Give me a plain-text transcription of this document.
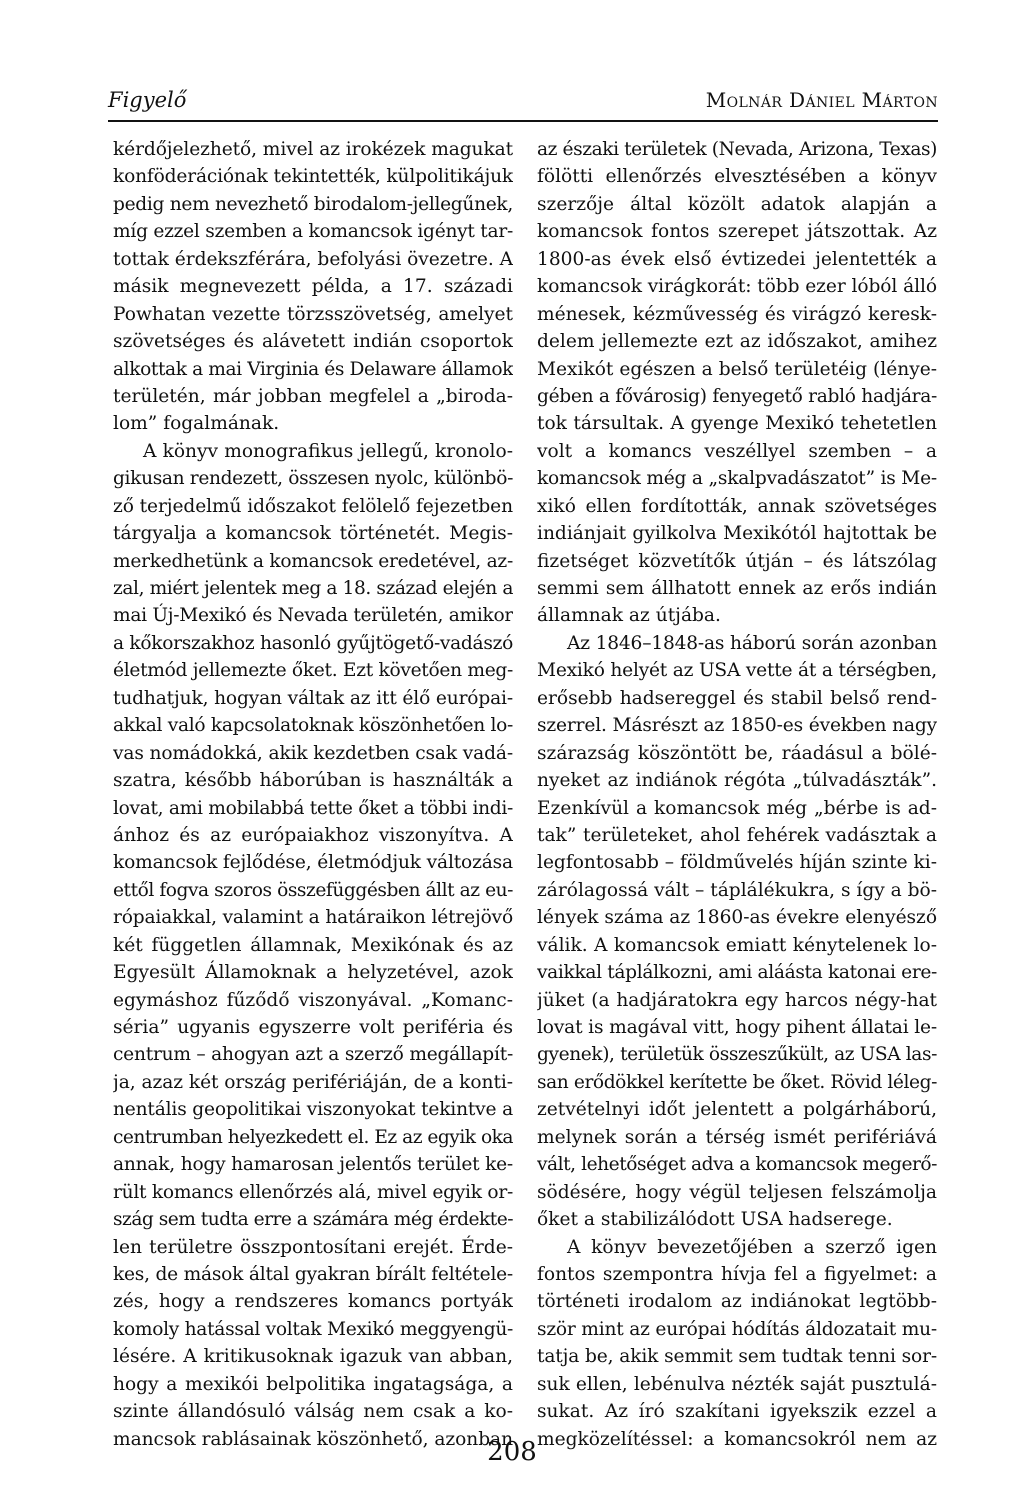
Figyelő	Molnár Dániel Márton
kérdőjelezhető, mivel az irokézek magukat
konföderációnak tekintették, külpolitikájuk
pedig nem nevezhető birodalom-jellegűnek,
míg ezzel szemben a komancsok igényt tar-
tottak érdekszférára, befolyási övezetre. A
másik megnevezett példa, a 17. századi
Powhatan vezette törzsszövetség, amelyet
szövetséges és alávetett indián csoportok
alkottak a mai Virginia és Delaware államok
területén, már jobban megfelel a „biroda-
lom” fogalmának.
A könyv monografikus jellegű, kronolo-
gikusan rendezett, összesen nyolc, különbö-
ző terjedelmű időszakot felölelő fejezetben
tárgyalja a komancsok történetét. Megis-
merkedhetünk a komancsok eredetével, az-
zal, miért jelentek meg a 18. század elején a
mai Új-Mexikó és Nevada területén, amikor
a kőkorszakhoz hasonló gyűjtögető-vadászó
életmód jellemezte őket. Ezt követően meg-
tudhatjuk, hogyan váltak az itt élő európai-
akkal való kapcsolatoknak köszönhetően lo-
vas nomádokká, akik kezdetben csak vadá-
szatra, később háborúban is használták a
lovat, ami mobilabbá tette őket a többi indi-
ánhoz és az európaiakhoz viszonyítva. A
komancsok fejlődése, életmódjuk változása
ettől fogva szoros összefüggésben állt az eu-
rópaiakkal, valamint a határaikon létrejövő
két független államnak, Mexikónak és az
Egyesült Államoknak a helyzetével, azok
egymáshoz fűződő viszonyával. „Komanc-
séria” ugyanis egyszerre volt periféria és
centrum – ahogyan azt a szerző megállapít-
ja, azaz két ország perifériáján, de a konti-
nentális geopolitikai viszonyokat tekintve a
centrumban helyezkedett el. Ez az egyik oka
annak, hogy hamarosan jelentős terület ke-
rült komancs ellenőrzés alá, mivel egyik or-
szág sem tudta erre a számára még érdekte-
len területre összpontosítani erejét. Érde-
kes, de mások által gyakran bírált feltétele-
zés, hogy a rendszeres komancs portyák
komoly hatással voltak Mexikó meggyengü-
lésére. A kritikusoknak igazuk van abban,
hogy a mexikói belpolitika ingatagsága, a
szinte állandósuló válság nem csak a ko-
mancsok rablásainak köszönhető, azonban
az északi területek (Nevada, Arizona, Texas)
fölötti ellenőrzés elvesztésében a könyv
szerzője által közölt adatok alapján a
komancsok fontos szerepet játszottak. Az
1800-as évek első évtizedei jelentették a
komancsok virágkorát: több ezer lóból álló
ménesek, kézművesség és virágzó keresk-
delem jellemezte ezt az időszakot, amihez
Mexikót egészen a belső területéig (lénye-
gében a fővárosig) fenyegető rabló hadjára-
tok társultak. A gyenge Mexikó tehetetlen
volt a komancs veszéllyel szemben – a
komancsok még a „skalpvadászatot” is Me-
xikó ellen fordították, annak szövetséges
indiánjait gyilkolva Mexikótól hajtottak be
fizetséget közvetítők útján – és látszólag
semmi sem állhatott ennek az erős indián
államnak az útjába.
Az 1846–1848-as háború során azonban
Mexikó helyét az USA vette át a térségben,
erősebb hadsereggel és stabil belső rend-
szerrel. Másrészt az 1850-es években nagy
szárazság köszöntött be, ráadásul a bölé-
nyeket az indiánok régóta „túlvadászták”.
Ezenkívül a komancsok még „bérbe is ad-
tak” területeket, ahol fehérek vadásztak a
legfontosabb – földművelés híján szinte ki-
zárólagossá vált – táplálékukra, s így a bö-
lények száma az 1860-as évekre elenyésző
válik. A komancsok emiatt kénytelenek lo-
vaikkal táplálkozni, ami aláásta katonai ere-
jüket (a hadjáratokra egy harcos négy-hat
lovat is magával vitt, hogy pihent állatai le-
gyenek), területük összeszűkült, az USA las-
san erődökkel kerítette be őket. Rövid léleg-
zetvételnyi időt jelentett a polgárháború,
melynek során a térség ismét perifériává
vált, lehetőséget adva a komancsok megerő-
södésére, hogy végül teljesen felszámolja
őket a stabilizálódott USA hadserege.
A könyv bevezetőjében a szerző igen
fontos szempontra hívja fel a figyelmet: a
történeti irodalom az indiánokat legtöbb-
ször mint az európai hódítás áldozatait mu-
tatja be, akik semmit sem tudtak tenni sor-
suk ellen, lebénulva nézték saját pusztulá-
sukat. Az író szakítani igyekszik ezzel a
megközelítéssel: a komancsokról nem az
208
